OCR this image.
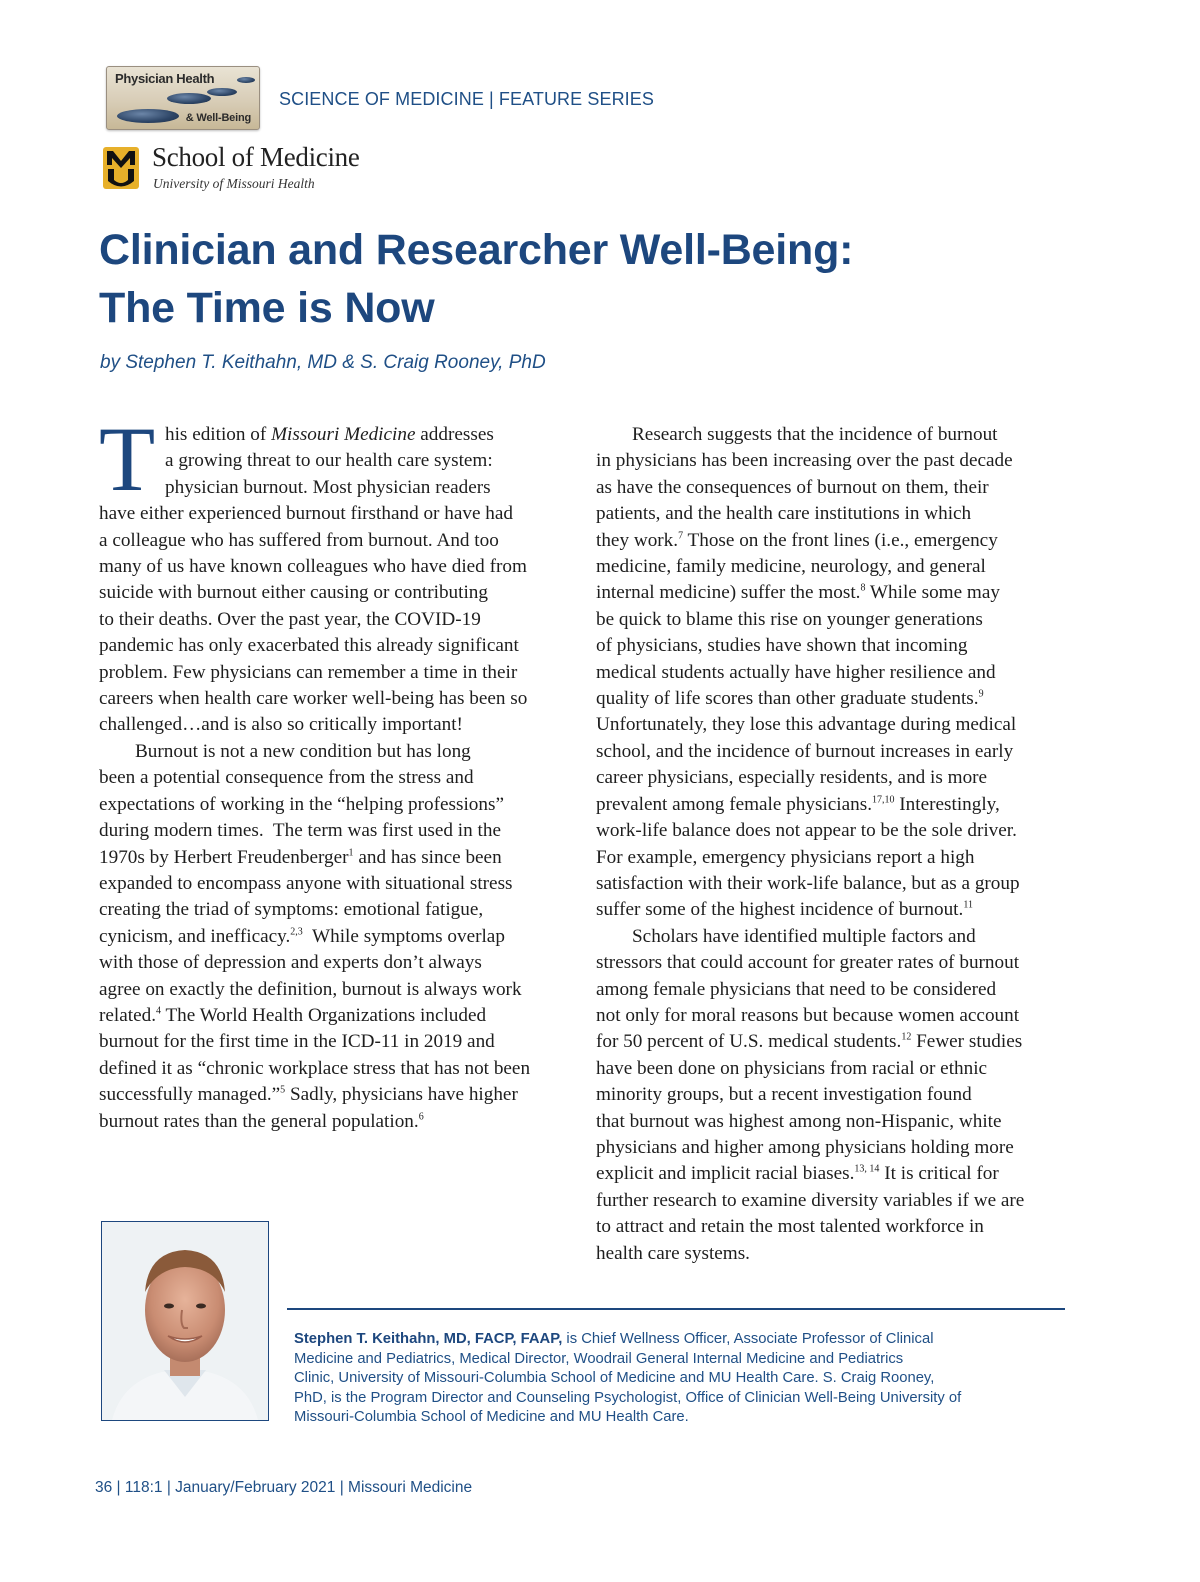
Physician Health
& Well-Being
SCIENCE OF MEDICINE | FEATURE SERIES
School of Medicine
University of Missouri Health
Clinician and Researcher Well-Being:
The Time is Now
by Stephen T. Keithahn, MD & S. Craig Rooney, PhD
T his edition of Missouri Medicine addresses
a growing threat to our health care system:
physician burnout. Most physician readers
have either experienced burnout firsthand or have had
a colleague who has suffered from burnout. And too
many of us have known colleagues who have died from
suicide with burnout either causing or contributing
to their deaths. Over the past year, the COVID-19
pandemic has only exacerbated this already significant
problem. Few physicians can remember a time in their
careers when health care worker well-being has been so
challenged…and is also so critically important!

Burnout is not a new condition but has long
been a potential consequence from the stress and
expectations of working in the “helping professions”
during modern times.  The term was first used in the
1970s by Herbert Freudenberger$^1$ and has since been
expanded to encompass anyone with situational stress
creating the triad of symptoms: emotional fatigue,
cynicism, and inefficacy.$^{2,3}$  While symptoms overlap
with those of depression and experts don’t always
agree on exactly the definition, burnout is always work
related.$^4$ The World Health Organizations included
burnout for the first time in the ICD-11 in 2019 and
defined it as “chronic workplace stress that has not been
successfully managed.”$^5$ Sadly, physicians have higher
burnout rates than the general population.$^6$

Research suggests that the incidence of burnout
in physicians has been increasing over the past decade
as have the consequences of burnout on them, their
patients, and the health care institutions in which
they work.$^7$ Those on the front lines (i.e., emergency
medicine, family medicine, neurology, and general
internal medicine) suffer the most.$^8$ While some may
be quick to blame this rise on younger generations
of physicians, studies have shown that incoming
medical students actually have higher resilience and
quality of life scores than other graduate students.$^9$
Unfortunately, they lose this advantage during medical
school, and the incidence of burnout increases in early
career physicians, especially residents, and is more
prevalent among female physicians.$^{17,10}$ Interestingly,
work-life balance does not appear to be the sole driver.
For example, emergency physicians report a high
satisfaction with their work-life balance, but as a group
suffer some of the highest incidence of burnout.$^{11}$

Scholars have identified multiple factors and
stressors that could account for greater rates of burnout
among female physicians that need to be considered
not only for moral reasons but because women account
for 50 percent of U.S. medical students.$^{12}$ Fewer studies
have been done on physicians from racial or ethnic
minority groups, but a recent investigation found
that burnout was highest among non-Hispanic, white
physicians and higher among physicians holding more
explicit and implicit racial biases.$^{13, 14}$ It is critical for
further research to examine diversity variables if we are
to attract and retain the most talented workforce in
health care systems.

Stephen T. Keithahn, MD, FACP, FAAP, is Chief Wellness Officer, Associate Professor of Clinical
Medicine and Pediatrics, Medical Director, Woodrail General Internal Medicine and Pediatrics
Clinic, University of Missouri-Columbia School of Medicine and MU Health Care. S. Craig Rooney,
PhD, is the Program Director and Counseling Psychologist, Office of Clinician Well-Being University of
Missouri-Columbia School of Medicine and MU Health Care.
36 | 118:1 | January/February 2021 | Missouri Medicine
